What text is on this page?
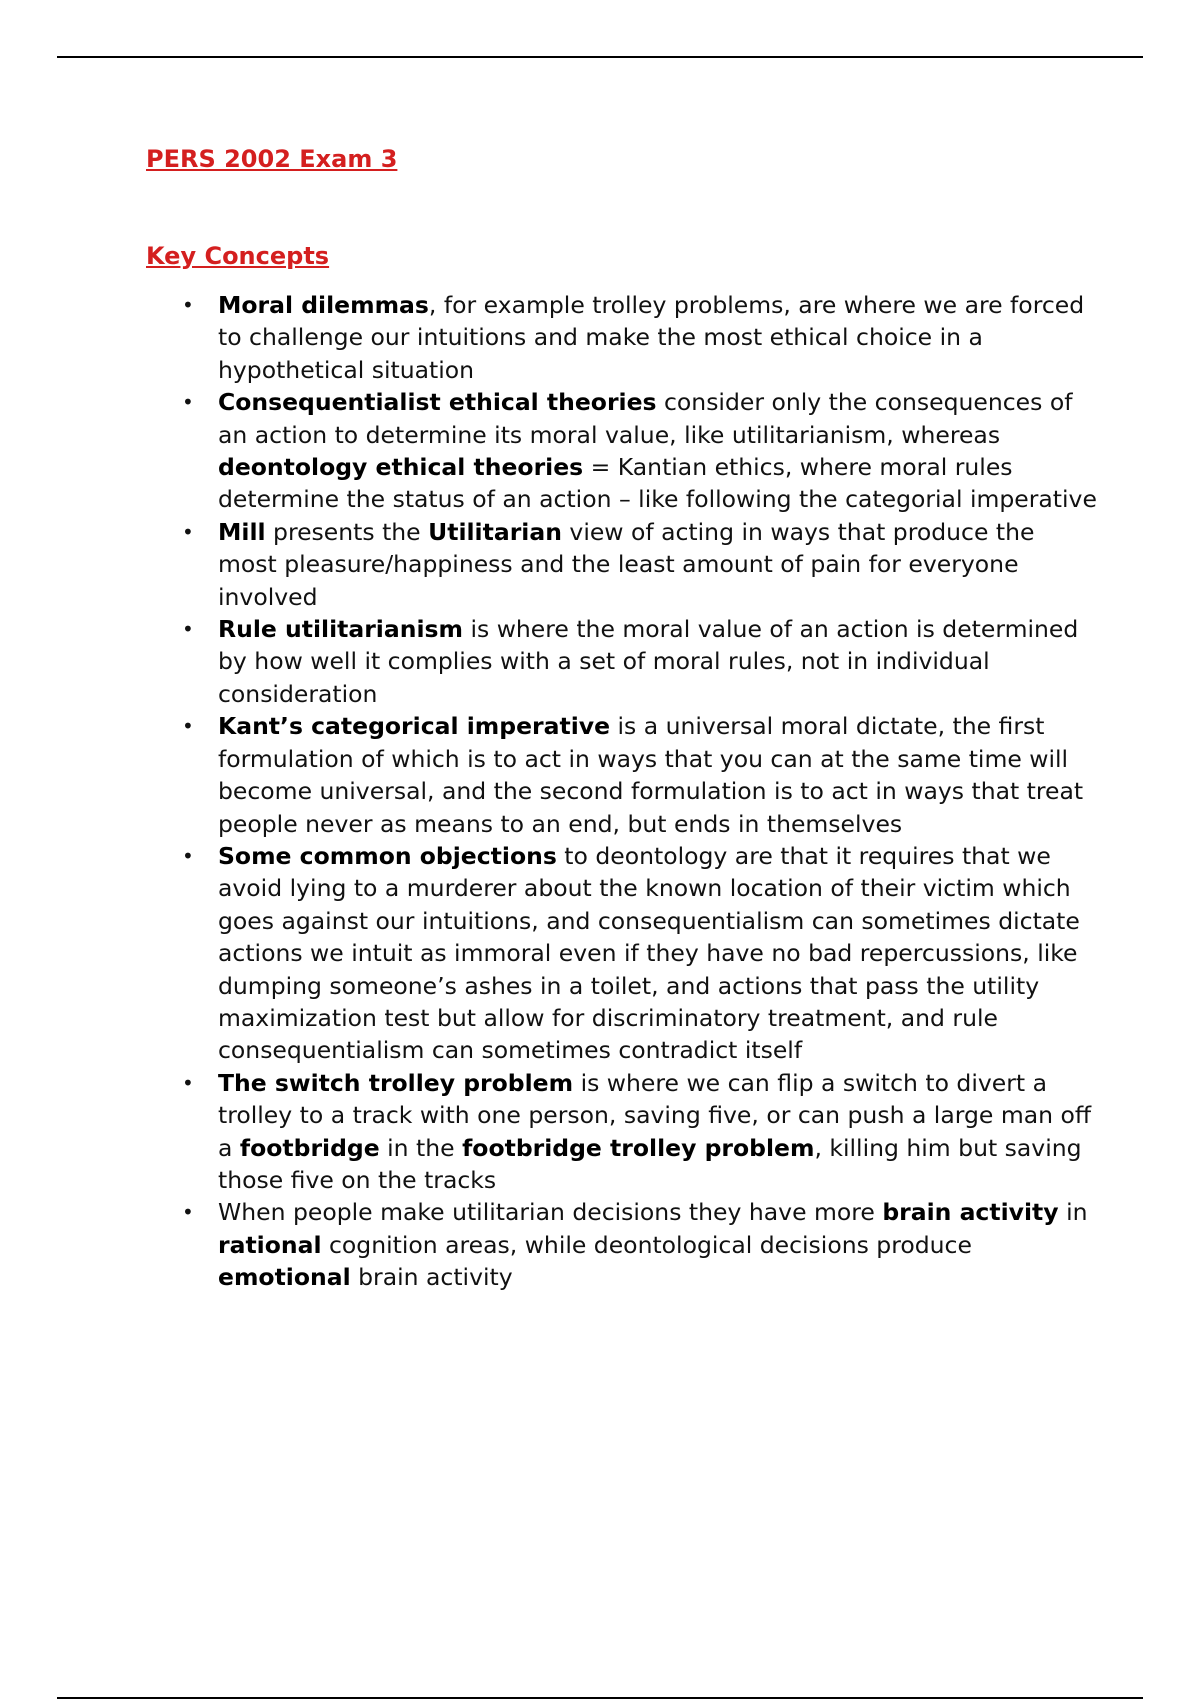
PERS 2002 Exam 3
Key Concepts
• Moral dilemmas, for example trolley problems, are where we are forced to challenge our intuitions and make the most ethical choice in a hypothetical situation
• Consequentialist ethical theories consider only the consequences of an action to determine its moral value, like utilitarianism, whereas deontology ethical theories = Kantian ethics, where moral rules determine the status of an action – like following the categorial imperative
• Mill presents the Utilitarian view of acting in ways that produce the most pleasure/happiness and the least amount of pain for everyone involved
• Rule utilitarianism is where the moral value of an action is determined by how well it complies with a set of moral rules, not in individual consideration
• Kant’s categorical imperative is a universal moral dictate, the first formulation of which is to act in ways that you can at the same time will become universal, and the second formulation is to act in ways that treat people never as means to an end, but ends in themselves
• Some common objections to deontology are that it requires that we avoid lying to a murderer about the known location of their victim which goes against our intuitions, and consequentialism can sometimes dictate actions we intuit as immoral even if they have no bad repercussions, like dumping someone’s ashes in a toilet, and actions that pass the utility maximization test but allow for discriminatory treatment, and rule consequentialism can sometimes contradict itself
• The switch trolley problem is where we can flip a switch to divert a trolley to a track with one person, saving five, or can push a large man off a footbridge in the footbridge trolley problem, killing him but saving those five on the tracks
• When people make utilitarian decisions they have more brain activity in rational cognition areas, while deontological decisions produce emotional brain activity
